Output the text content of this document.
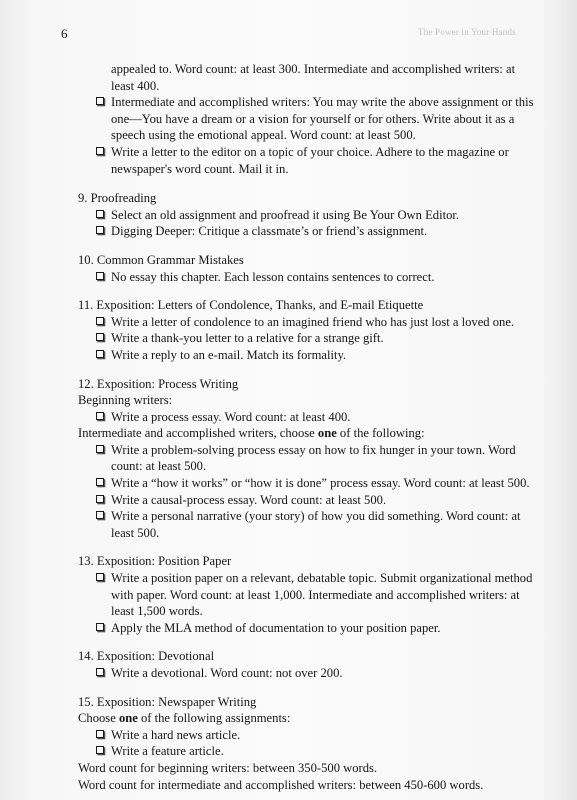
6	The Power in Your Hands

appealed to. Word count: at least 300. Intermediate and accomplished writers: at least 400.

Intermediate and accomplished writers: You may write the above assignment or this one—You have a dream or a vision for yourself or for others. Write about it as a speech using the emotional appeal. Word count: at least 500.
Write a letter to the editor on a topic of your choice. Adhere to the magazine or newspaper's word count. Mail it in.

9. Proofreading

Select an old assignment and proofread it using Be Your Own Editor.
Digging Deeper: Critique a classmate’s or friend’s assignment.

10. Common Grammar Mistakes

No essay this chapter. Each lesson contains sentences to correct.

11. Exposition: Letters of Condolence, Thanks, and E-mail Etiquette

Write a letter of condolence to an imagined friend who has just lost a loved one.
Write a thank-you letter to a relative for a strange gift.
Write a reply to an e-mail. Match its formality.

12. Exposition: Process Writing

Beginning writers:

Write a process essay. Word count: at least 400.

Intermediate and accomplished writers, choose one of the following:

Write a problem-solving process essay on how to fix hunger in your town. Word count: at least 500.
Write a “how it works” or “how it is done” process essay. Word count: at least 500.
Write a causal-process essay. Word count: at least 500.
Write a personal narrative (your story) of how you did something. Word count: at least 500.

13. Exposition: Position Paper

Write a position paper on a relevant, debatable topic. Submit organizational method with paper. Word count: at least 1,000. Intermediate and accomplished writers: at least 1,500 words.
Apply the MLA method of documentation to your position paper.

14. Exposition: Devotional

Write a devotional. Word count: not over 200.

15. Exposition: Newspaper Writing

Choose one of the following assignments:

Write a hard news article.
Write a feature article.

Word count for beginning writers: between 350-500 words.

Word count for intermediate and accomplished writers: between 450-600 words.
